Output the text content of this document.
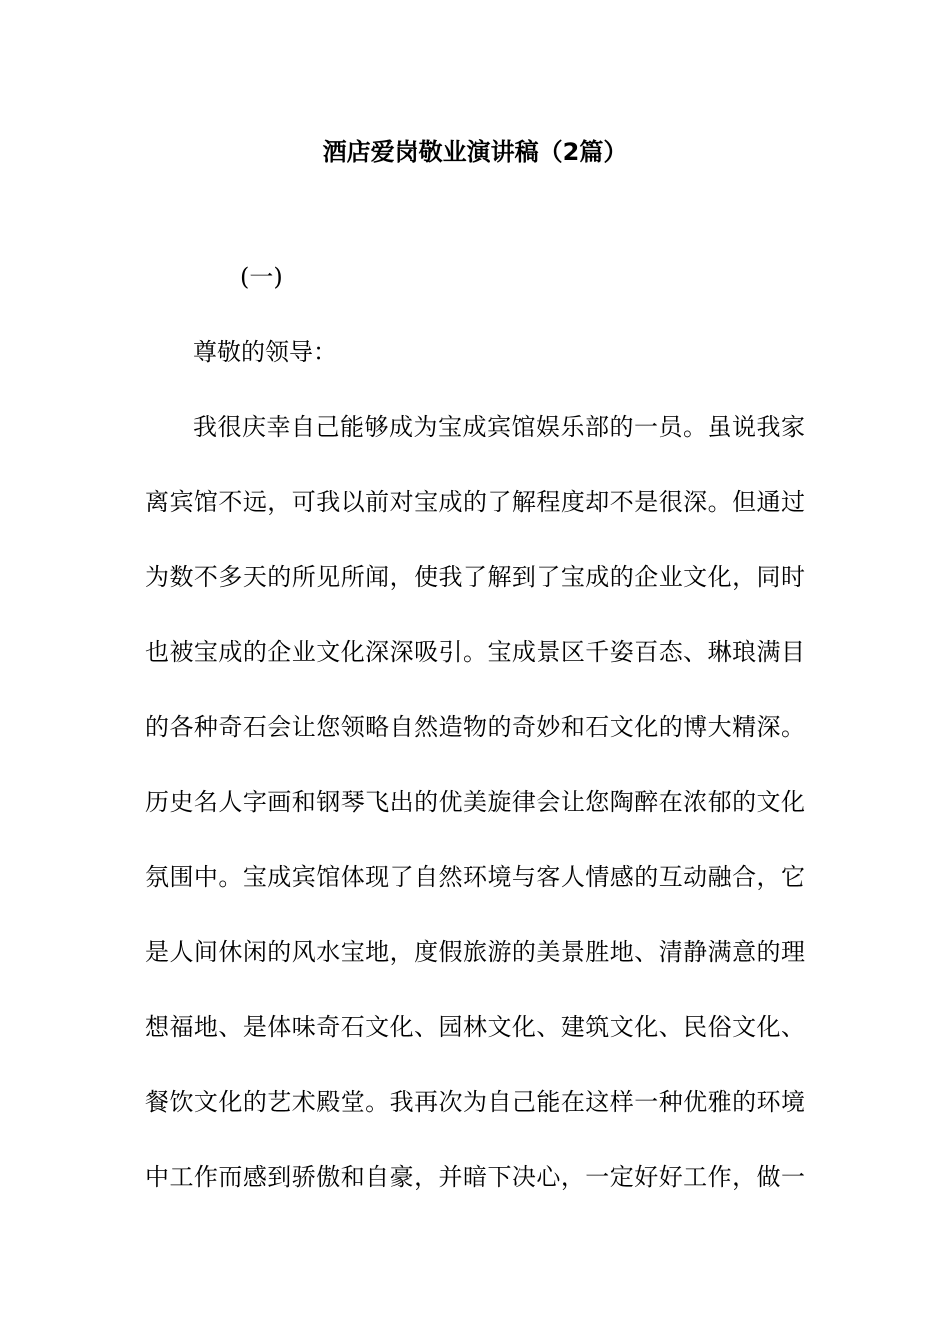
酒店爱岗敬业演讲稿（2篇）
(一)
尊敬的领导：
我很庆幸自己能够成为宝成宾馆娱乐部的一员。虽说我家
离宾馆不远，可我以前对宝成的了解程度却不是很深。但通过
为数不多天的所见所闻，使我了解到了宝成的企业文化，同时
也被宝成的企业文化深深吸引。宝成景区千姿百态、琳琅满目
的各种奇石会让您领略自然造物的奇妙和石文化的博大精深。
历史名人字画和钢琴飞出的优美旋律会让您陶醉在浓郁的文化
氛围中。宝成宾馆体现了自然环境与客人情感的互动融合，它
是人间休闲的风水宝地，度假旅游的美景胜地、清静满意的理
想福地、是体味奇石文化、园林文化、建筑文化、民俗文化、
餐饮文化的艺术殿堂。我再次为自己能在这样一种优雅的环境
中工作而感到骄傲和自豪，并暗下决心，一定好好工作，做一
